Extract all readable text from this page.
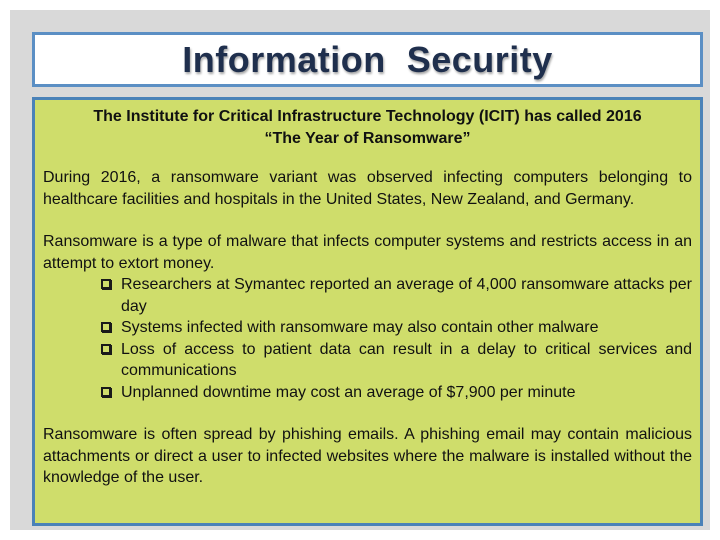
Information  Security

The Institute for Critical Infrastructure Technology (ICIT) has called 2016
“The Year of Ransomware”

During 2016, a ransomware variant was observed infecting computers belonging to healthcare facilities and hospitals in the United States, New Zealand, and Germany.

Ransomware is a type of malware that infects computer systems and restricts access in an attempt to extort money.

Researchers at Symantec reported an average of 4,000 ransomware attacks per day
Systems infected with ransomware may also contain other malware
Loss of access to patient data can result in a delay to critical services and communications
Unplanned downtime may cost an average of $7,900 per minute

Ransomware is often spread by phishing emails. A phishing email may contain malicious attachments or direct a user to infected websites where the malware is installed without the knowledge of the user.
